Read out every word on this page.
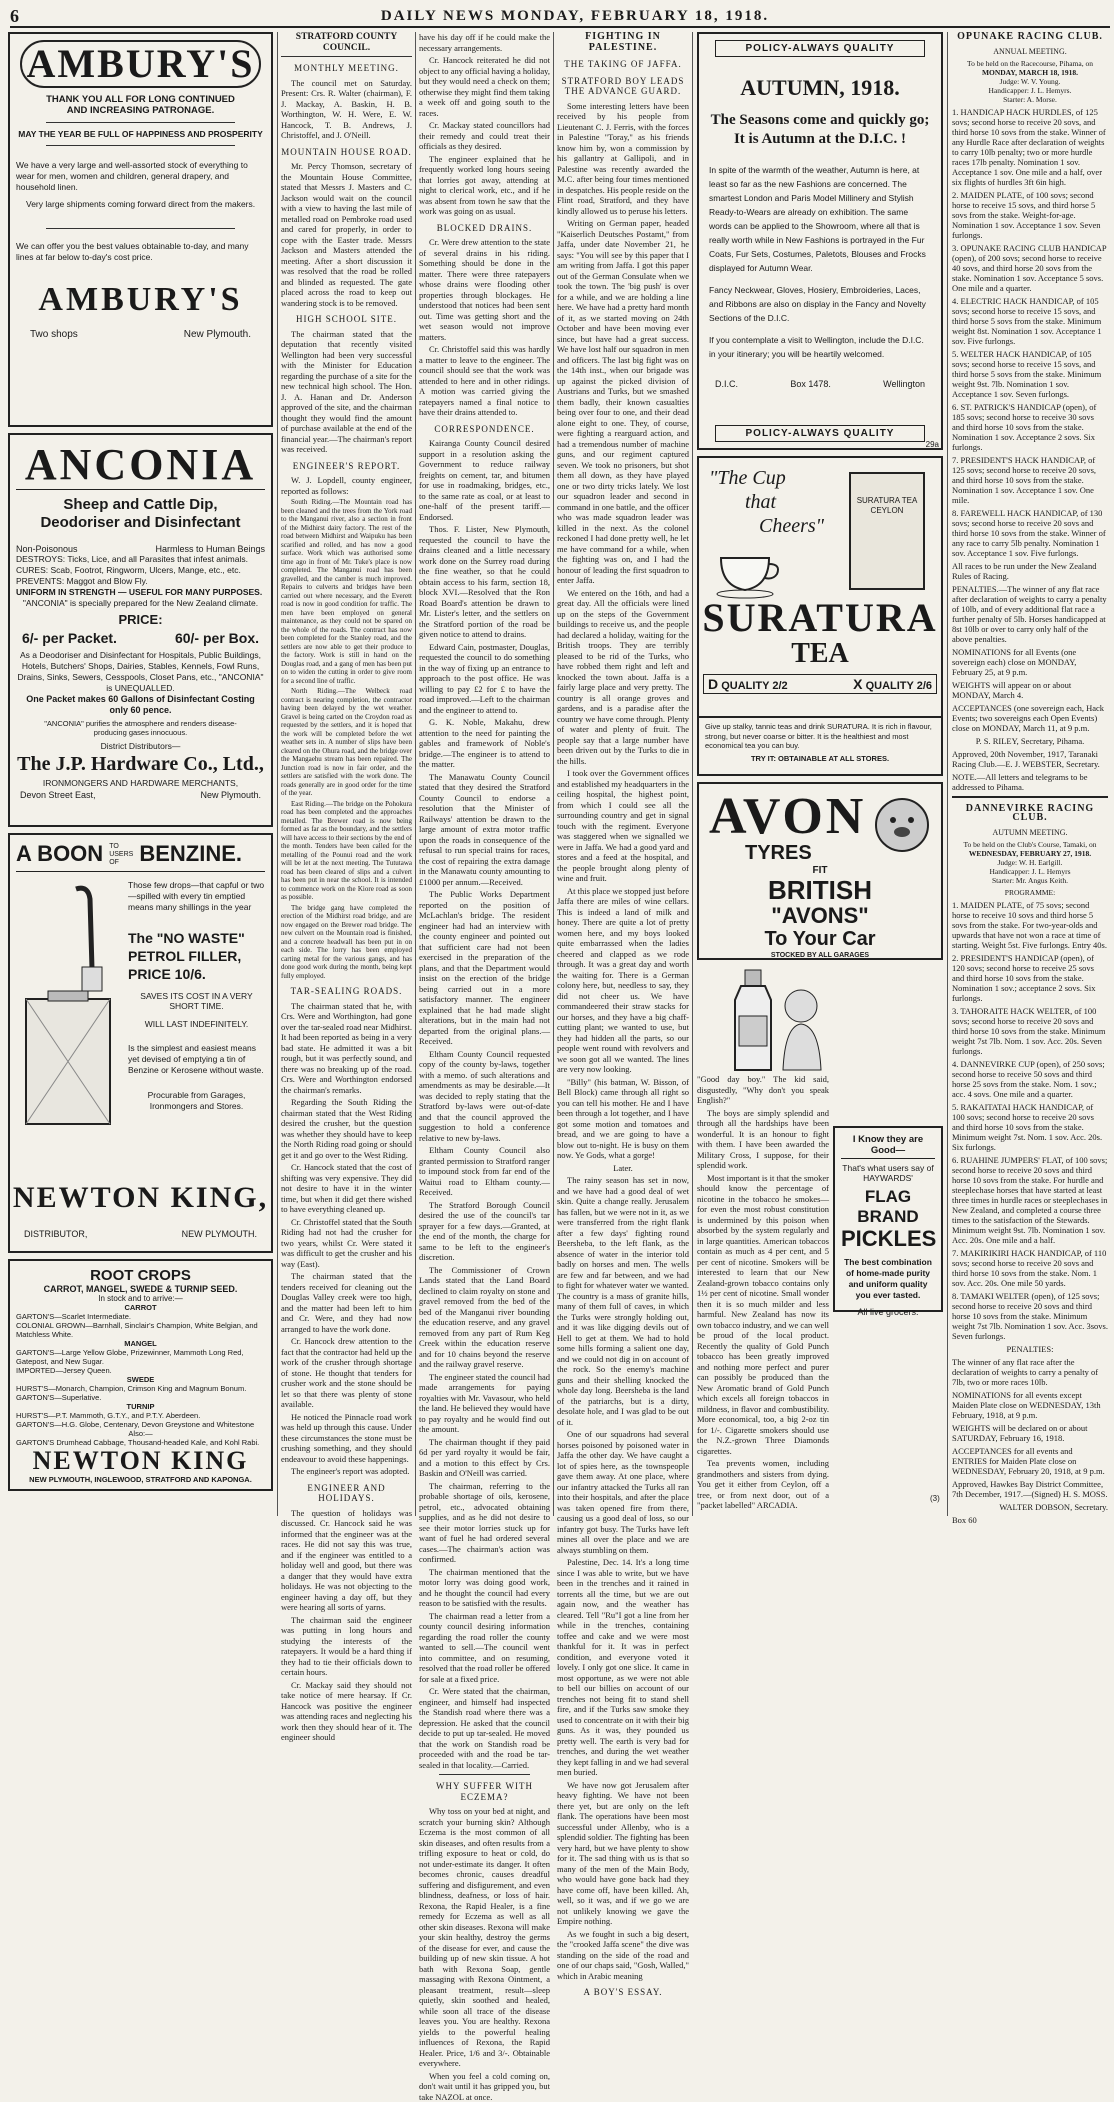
6	DAILY NEWS MONDAY, FEBRUARY 18, 1918.
AMBURY'S
THANK YOU ALL FOR LONG CONTINUED AND INCREASING PATRONAGE.
MAY THE YEAR BE FULL OF HAPPINESS AND PROSPERITY
We have a very large and well-assorted stock of everything to wear for men, women and children, general drapery, and household linen.
Very large shipments coming forward direct from the makers.
We can offer you the best values obtainable to-day, and many lines at far below to-day's cost price.
AMBURY'S
Two shops	New Plymouth.
ANCONIA
Sheep and Cattle Dip, Deodoriser and Disinfectant
Non-Poisonous	Harmless to Human Beings
DESTROYS: Ticks, Lice, and all Parasites that infest animals.
CURES: Scab, Footrot, Ringworm, Ulcers, Mange, etc., etc.
PREVENTS: Maggot and Blow Fly.
UNIFORM IN STRENGTH — USEFUL FOR MANY PURPOSES.
"ANCONIA" is specially prepared for the New Zealand climate.
PRICE:
6/- per Packet.	60/- per Box.
As a Deodoriser and Disinfectant for Hospitals, Public Buildings, Hotels, Butchers' Shops, Dairies, Stables, Kennels, Fowl Runs, Drains, Sinks, Sewers, Cesspools, Closet Pans, etc., "ANCONIA" is UNEQUALLED.
One Packet makes 60 Gallons of Disinfectant Costing only 60 pence.
"ANCONIA" purifies the atmosphere and renders disease-producing gases innocuous.
District Distributors—
The J.P. Hardware Co., Ltd.,
IRONMONGERS AND HARDWARE MERCHANTS,
Devon Street East,	New Plymouth.
A BOON TO
USERS
OF BENZINE.
Those few drops—that capful or two—spilled with every tin emptied means many shillings in the year
The "NO WASTE" PETROL FILLER, PRICE 10/6.
SAVES ITS COST IN A VERY SHORT TIME.
WILL LAST INDEFINITELY.
Is the simplest and easiest means yet devised of emptying a tin of Benzine or Kerosene without waste.
Procurable from Garages, Ironmongers and Stores.
NEWTON KING,
DISTRIBUTOR,	NEW PLYMOUTH.
ROOT CROPS
CARROT, MANGEL, SWEDE & TURNIP SEED.
In stock and to arrive:—
CARROT
GARTON'S—Scarlet Intermediate.
COLONIAL GROWN—Barnhall, Sinclair's Champion, White Belgian, and Matchless White.
MANGEL
GARTON'S—Large Yellow Globe, Prizewinner, Mammoth Long Red, Gatepost, and New Sugar.
IMPORTED—Jersey Queen.
SWEDE
HURST'S—Monarch, Champion, Crimson King and Magnum Bonum.
GARTON'S—Superlative.
TURNIP
HURST'S—P.T. Mammoth, G.T.Y., and P.T.Y. Aberdeen.
GARTON'S—H.G. Globe, Centenary, Devon Greystone and Whitestone
Also:—
GARTON'S Drumhead Cabbage, Thousand-headed Kale, and Kohl Rabi.
NEWTON KING
NEW PLYMOUTH, INGLEWOOD, STRATFORD AND KAPONGA.
STRATFORD COUNTY COUNCIL.
MONTHLY MEETING.

The council met on Saturday. Present: Crs. R. Walter (chairman), F. J. Mackay, A. Baskin, H. B. Worthington, W. H. Were, E. W. Hancock, T. B. Andrews, J. Christoffel, and J. O'Neill.

MOUNTAIN HOUSE ROAD.

Mr. Percy Thomson, secretary of the Mountain House Committee, stated that Messrs J. Masters and C. Jackson would wait on the council with a view to having the last mile of metalled road on Pembroke road used and cared for properly, in order to cope with the Easter trade. Messrs Jackson and Masters attended the meeting. After a short discussion it was resolved that the road be rolled and blinded as requested. The gate placed across the road to keep out wandering stock is to be removed.

HIGH SCHOOL SITE.

The chairman stated that the deputation that recently visited Wellington had been very successful with the Minister for Education regarding the purchase of a site for the new technical high school. The Hon. J. A. Hanan and Dr. Anderson approved of the site, and the chairman thought they would find the amount of purchase available at the end of the financial year.—The chairman's report was received.

ENGINEER'S REPORT.

W. J. Lopdell, county engineer, reported as follows:

South Riding.—The Mountain road has been cleaned and the trees from the York road to the Manganui river, also a section in front of the Midhirst dairy factory. The rest of the road between Midhirst and Waipuku has been scarified and rolled, and has now a good surface. Work which was authorised some time ago in front of Mr. Tuke's place is now completed. The Manganui road has been gravelled, and the camber is much improved. Repairs to culverts and bridges have been carried out where necessary, and the Everett road is now in good condition for traffic. The men have been employed on general maintenance, as they could not be spared on the whole of the roads. The contract has now been completed for the Stanley road, and the settlers are now able to get their produce to the factory. Work is still in hand on the Douglas road, and a gang of men has been put on to widen the cutting in order to give room for a second line of traffic.

North Riding.—The Welbeck road contract is nearing completion, the contractor having been delayed by the wet weather. Gravel is being carted on the Croydon road as requested by the settlers, and it is hoped that the work will be completed before the wet weather sets in. A number of slips have been cleared on the Ohura road, and the bridge over the Mangaehu stream has been repaired. The Junction road is now in fair order, and the settlers are satisfied with the work done. The roads generally are in good order for the time of the year.

East Riding.—The bridge on the Pohokura road has been completed and the approaches metalled. The Brewer road is now being formed as far as the boundary, and the settlers will have access to their sections by the end of the month. Tenders have been called for the metalling of the Pounui road and the work will be let at the next meeting. The Tututawa road has been cleared of slips and a culvert has been put in near the school. It is intended to commence work on the Kiore road as soon as possible.

The bridge gang have completed the erection of the Midhirst road bridge, and are now engaged on the Brewer road bridge. The new culvert on the Mountain road is finished, and a concrete headwall has been put in on each side. The lorry has been employed carting metal for the various gangs, and has done good work during the month, being kept fully employed.

TAR-SEALING ROADS.

The chairman stated that he, with Crs. Were and Worthington, had gone over the tar-sealed road near Midhirst. It had been reported as being in a very bad state. He admitted it was a bit rough, but it was perfectly sound, and there was no breaking up of the road. Crs. Were and Worthington endorsed the chairman's remarks.

Regarding the South Riding the chairman stated that the West Riding desired the crusher, but the question was whether they should have to keep the North Riding road going or should get it and go over to the West Riding.

Cr. Hancock stated that the cost of shifting was very expensive. They did not desire to have it in the winter time, but when it did get there wished to have everything cleaned up.

Cr. Christoffel stated that the South Riding had not had the crusher for two years, whilst Cr. Were stated it was difficult to get the crusher and his way (East).

The chairman stated that the tenders received for cleaning out the Douglas Valley creek were too high, and the matter had been left to him and Cr. Were, and they had now arranged to have the work done.

Cr. Hancock drew attention to the fact that the contractor had held up the work of the crusher through shortage of stone. He thought that tenders for crusher work and the stone should be let so that there was plenty of stone available.

He noticed the Pinnacle road work was held up through this cause. Under these circumstances the stone must be crushing something, and they should endeavour to avoid these happenings.

The engineer's report was adopted.

ENGINEER AND HOLIDAYS.

The question of holidays was discussed. Cr. Hancock said he was informed that the engineer was at the races. He did not say this was true, and if the engineer was entitled to a holiday well and good, but there was a danger that they would have extra holidays. He was not objecting to the engineer having a day off, but they were hearing all sorts of yarns.

The chairman said the engineer was putting in long hours and studying the interests of the ratepayers. It would be a hard thing if they had to tie their officials down to certain hours.

Cr. Mackay said they should not take notice of mere hearsay. If Cr. Hancock was positive the engineer was attending races and neglecting his work then they should hear of it. The engineer should

have his day off if he could make the necessary arrangements.

Cr. Hancock reiterated he did not object to any official having a holiday, but they would need a check on them; otherwise they might find them taking a week off and going south to the races.

Cr. Mackay stated councillors had their remedy and could treat their officials as they desired.

The engineer explained that he frequently worked long hours seeing that lorries got away, attending at night to clerical work, etc., and if he was absent from town he saw that the work was going on as usual.

BLOCKED DRAINS.

Cr. Were drew attention to the state of several drains in his riding. Something should be done in the matter. There were three ratepayers whose drains were flooding other properties through blockages. He understood that notices had been sent out. Time was getting short and the wet season would not improve matters.

Cr. Christoffel said this was hardly a matter to leave to the engineer. The council should see that the work was attended to here and in other ridings. A motion was carried giving the ratepayers named a final notice to have their drains attended to.

CORRESPONDENCE.

Kairanga County Council desired support in a resolution asking the Government to reduce railway freights on cement, tar, and bitumen for use in roadmaking, bridges, etc., to the same rate as coal, or at least to one-half of the present tariff.—Endorsed.

Thos. F. Lister, New Plymouth, requested the council to have the drains cleaned and a little necessary work done on the Surrey road during the fine weather, so that he could obtain access to his farm, section 18, block XVI.—Resolved that the Ron Road Board's attention be drawn to Mr. Lister's letter, and the settlers on the Stratford portion of the road be given notice to attend to drains.

Edward Cain, postmaster, Douglas, requested the council to do something in the way of fixing up an entrance to approach to the post office. He was willing to pay £2 for £ to have the road improved.—Left to the chairman and the engineer to attend to.

G. K. Noble, Makahu, drew attention to the need for painting the gables and framework of Noble's bridge.—The engineer is to attend to the matter.

The Manawatu County Council stated that they desired the Stratford County Council to endorse a resolution that the Minister of Railways' attention be drawn to the large amount of extra motor traffic upon the roads in consequence of the refusal to run special trains for races, the cost of repairing the extra damage in the Manawatu county amounting to £1000 per annum.—Received.

The Public Works Department reported on the position of McLachlan's bridge. The resident engineer had had an interview with the county engineer and pointed out that sufficient care had not been exercised in the preparation of the plans, and that the Department would insist on the erection of the bridge being carried out in a more satisfactory manner. The engineer explained that he had made slight alterations, but in the main had not departed from the original plans.—Received.

Eltham County Council requested copy of the county by-laws, together with a memo. of such alterations and amendments as may be desirable.—It was decided to reply stating that the Stratford by-laws were out-of-date and that the council approved the suggestion to hold a conference relative to new by-laws.

Eltham County Council also granted permission to Stratford ranger to impound stock from far end of the Waitui road to Eltham county.—Received.

The Stratford Borough Council desired the use of the council's tar sprayer for a few days.—Granted, at the end of the month, the charge for same to be left to the engineer's discretion.

The Commissioner of Crown Lands stated that the Land Board declined to claim royalty on stone and gravel removed from the bed of the bed of the Manganui river bounding the education reserve, and any gravel removed from any part of Rum Keg Creek within the education reserve and for 10 chains beyond the reserve and the railway gravel reserve.

The engineer stated the council had made arrangements for paying royalties with Mr. Vavasour, who held the land. He believed they would have to pay royalty and he would find out the amount.

The chairman thought if they paid 6d per yard royalty it would be fair, and a motion to this effect by Crs. Baskin and O'Neill was carried.

The chairman, referring to the probable shortage of oils, kerosene, petrol, etc., advocated obtaining supplies, and as he did not desire to see their motor lorries stuck up for want of fuel he had ordered several cases.—The chairman's action was confirmed.

The chairman mentioned that the motor lorry was doing good work, and he thought the council had every reason to be satisfied with the results.

The chairman read a letter from a county council desiring information regarding the road roller the county wanted to sell.—The council went into committee, and on resuming, resolved that the road roller be offered for sale at a fixed price.

Cr. Were stated that the chairman, engineer, and himself had inspected the Standish road where there was a depression. He asked that the council decide to put up tar-sealed. He moved that the work on Standish road be proceeded with and the road be tar-sealed in that locality.—Carried.

WHY SUFFER WITH ECZEMA?

Why toss on your bed at night, and scratch your burning skin? Although Eczema is the most common of all skin diseases, and often results from a trifling exposure to heat or cold, do not under-estimate its danger. It often becomes chronic, causes dreadful suffering and disfigurement, and even blindness, deafness, or loss of hair. Rexona, the Rapid Healer, is a fine remedy for Eczema as well as all other skin diseases. Rexona will make your skin healthy, destroy the germs of the disease for ever, and cause the building up of new skin tissue. A hot bath with Rexona Soap, gentle massaging with Rexona Ointment, a pleasant treatment, result—sleep quietly, skin soothed and healed, while soon all trace of the disease leaves you. You are healthy. Rexona yields to the powerful healing influences of Rexona, the Rapid Healer. Price, 1/6 and 3/-. Obtainable everywhere.

When you feel a cold coming on, don't wait until it has gripped you, but take NAZOL at once.

FIGHTING IN PALESTINE.
THE TAKING OF JAFFA.
STRATFORD BOY LEADS THE ADVANCE GUARD.

Some interesting letters have been received by his people from Lieutenant C. J. Ferris, with the forces in Palestine "Toray," as his friends know him by, won a commission by his gallantry at Gallipoli, and in Palestine was recently awarded the M.C. after being four times mentioned in despatches. His people reside on the Flint road, Stratford, and they have kindly allowed us to peruse his letters.

Writing on German paper, headed "Kaiserlich Deutsches Postamt," from Jaffa, under date November 21, he says: "You will see by this paper that I am writing from Jaffa. I got this paper out of the German Consulate when we took the town. The 'big push' is over for a while, and we are holding a line here. We have had a pretty hard month of it, as we started moving on 24th October and have been moving ever since, but have had a great success. We have lost half our squadron in men and officers. The last big fight was on the 14th inst., when our brigade was up against the picked division of Austrians and Turks, but we smashed them badly, their known casualties being over four to one, and their dead alone eight to one. They, of course, were fighting a rearguard action, and had a tremendous number of machine guns, and our regiment captured seven. We took no prisoners, but shot them all down, as they have played one or two dirty tricks lately. We lost our squadron leader and second in command in one battle, and the officer who was made squadron leader was killed in the next. As the colonel reckoned I had done pretty well, he let me have command for a while, when the fighting was on, and I had the honour of leading the first squadron to enter Jaffa.

We entered on the 16th, and had a great day. All the officials were lined up on the steps of the Government buildings to receive us, and the people had declared a holiday, waiting for the British troops. They are terribly pleased to be rid of the Turks, who have robbed them right and left and knocked the town about. Jaffa is a fairly large place and very pretty. The country is all orange groves and gardens, and is a paradise after the country we have come through. Plenty of water and plenty of fruit. The people say that a large number have been driven out by the Turks to die in the hills.

I took over the Government offices and established my headquarters in the ceiling hospital, the highest point, from which I could see all the surrounding country and get in signal touch with the regiment. Everyone was staggered when we signalled we were in Jaffa. We had a good yard and stores and a feed at the hospital, and the people brought along plenty of wine and fruit.

At this place we stopped just before Jaffa there are miles of wine cellars. This is indeed a land of milk and honey. There are quite a lot of pretty women here, and my boys looked quite embarrassed when the ladies cheered and clapped as we rode through. It was a great day and worth the waiting for. There is a German colony here, but, needless to say, they did not cheer us. We have commandeered their straw stacks for our horses, and they have a big chaff-cutting plant; we wanted to use, but they had hidden all the parts, so our people went round with revolvers and we soon got all we wanted. The lines are very now looking.

"Billy" (his batman, W. Bisson, of Bell Block) came through all right so you can tell his mother. He and I have been through a lot together, and I have got some motion and tomatoes and bread, and we are going to have a blow out to-night. He is busy on them now. Ye Gods, what a gorge!

Later.

The rainy season has set in now, and we have had a good deal of wet skin. Quite a change really. Jerusalem has fallen, but we were not in it, as we were transferred from the right flank after a few days' fighting round Beersheba, to the left flank, as the absence of water in the interior told badly on horses and men. The wells are few and far between, and we had to fight for whatever water we wanted. The country is a mass of granite hills, many of them full of caves, in which the Turks were strongly holding out, and it was like digging devils out of Hell to get at them. We had to hold some hills forming a salient one day, and we could not dig in on account of the rock. So the enemy's machine guns and their shelling knocked the whole day long. Beersheba is the land of the patriarchs, but is a dirty, desolate hole, and I was glad to be out of it.

One of our squadrons had several horses poisoned by poisoned water in Jaffa the other day. We have caught a lot of spies here, as the townspeople gave them away. At one place, where our infantry attacked the Turks all ran into their hospitals, and after the place was taken opened fire from there, causing us a good deal of loss, so our infantry got busy. The Turks have left mines all over the place and we are always stumbling on them.

Palestine, Dec. 14. It's a long time since I was able to write, but we have been in the trenches and it rained in torrents all the time, but we are out again now, and the weather has cleared. Tell "Ru"I got a line from her while in the trenches, containing toffee and cake and we were most thankful for it. It was in perfect condition, and everyone voted it lovely. I only got one slice. It came in most opportune, as we were not able to bell our billies on account of our trenches not being fit to stand shell fire, and if the Turks saw smoke they used to concentrate on it with their big guns. As it was, they pounded us pretty well. The earth is very bad for trenches, and during the wet weather they kept falling in and we had several men buried.

We have now got Jerusalem after heavy fighting. We have not been there yet, but are only on the left flank. The operations have been most successful under Allenby, who is a splendid soldier. The fighting has been very hard, but we have plenty to show for it. The sad thing with us is that so many of the men of the Main Body, who would have gone back had they have come off, have been killed. Ah, well, so it was, and if we go we are not unlikely knowing we gave the Empire nothing.

As we fought in such a big desert, the "crooked Jaffa scene" the dive was standing on the side of the road and one of our chaps said, "Gosh, Walled," which in Arabic meaning

A BOY'S ESSAY.
POLICY-ALWAYS QUALITY
AUTUMN, 1918.
The Seasons come and quickly go; It is Autumn at the D.I.C. !
In spite of the warmth of the weather, Autumn is here, at least so far as the new Fashions are concerned. The smartest London and Paris Model Millinery and Stylish Ready-to-Wears are already on exhibition. The same words can be applied to the Showroom, where all that is really worth while in New Fashions is portrayed in the Fur Coats, Fur Sets, Costumes, Paletots, Blouses and Frocks displayed for Autumn Wear.
Fancy Neckwear, Gloves, Hosiery, Embroideries, Laces, and Ribbons are also on display in the Fancy and Novelty Sections of the D.I.C.
If you contemplate a visit to Wellington, include the D.I.C. in your itinerary; you will be heartily welcomed.
D.I.C.	Box 1478.	Wellington
POLICY-ALWAYS QUALITY
29a
"The Cup
that
Cheers"
SURATURA TEA CEYLON
SURATURA
TEA
D QUALITY 2/2	X QUALITY 2/6
Give up stalky, tannic teas and drink SURATURA. It is rich in flavour, strong, but never coarse or bitter. It is the healthiest and most economical tea you can buy.
TRY IT: OBTAINABLE AT ALL STORES.
AVON
TYRES
FIT
BRITISH
"AVONS"
To Your Car
STOCKED BY ALL GARAGES

"Good day boy." The kid said, disgustedly, "Why don't you speak English?"

The boys are simply splendid and through all the hardships have been wonderful. It is an honour to fight with them. I have been awarded the Military Cross, I suppose, for their splendid work.

Most important is it that the smoker should know the percentage of nicotine in the tobacco he smokes—for even the most robust constitution is undermined by this poison when absorbed by the system regularly and in large quantities. American tobaccos contain as much as 4 per cent, and 5 per cent of nicotine. Smokers will be interested to learn that our New Zealand-grown tobacco contains only 1½ per cent of nicotine. Small wonder then it is so much milder and less harmful. New Zealand has now its own tobacco industry, and we can well be proud of the local product. Recently the quality of Gold Punch tobacco has been greatly improved and nothing more perfect and purer can possibly be produced than the New Aromatic brand of Gold Punch which excels all foreign tobaccos in mildness, in flavor and combustibility. More economical, too, a big 2-oz tin for 1/-. Cigarette smokers should use the N.Z.-grown Three Diamonds cigarettes.

Tea prevents women, including grandmothers and sisters from dying. You get it either from Ceylon, off a tree, or from next door, out of a "packet labelled" ARCADIA.

I Know they are Good—
That's what users say of HAYWARDS'
FLAG BRAND
PICKLES
The best combination of home-made purity and uniform quality you ever tasted.
All live grocers.
OPUNAKE RACING CLUB.
ANNUAL MEETING.
To be held on the Racecourse, Pihama, on
MONDAY, MARCH 18, 1918.
Judge: W. V. Young.
Handicapper: J. L. Hemyrs.
Starter: A. Morse.

1. HANDICAP HACK HURDLES, of 125 sovs; second horse to receive 20 sovs, and third horse 10 sovs from the stake. Winner of any Hurdle Race after declaration of weights to carry 10lb penalty; two or more hurdle races 17lb penalty. Nomination 1 sov. Acceptance 1 sov. One mile and a half, over six flights of hurdles 3ft 6in high.

2. MAIDEN PLATE, of 100 sovs; second horse to receive 15 sovs, and third horse 5 sovs from the stake. Weight-for-age. Nomination 1 sov. Acceptance 1 sov. Seven furlongs.

3. OPUNAKE RACING CLUB HANDICAP (open), of 200 sovs; second horse to receive 40 sovs, and third horse 20 sovs from the stake. Nomination 1 sov. Acceptance 5 sovs. One mile and a quarter.

4. ELECTRIC HACK HANDICAP, of 105 sovs; second horse to receive 15 sovs, and third horse 5 sovs from the stake. Minimum weight 8st. Nomination 1 sov. Acceptance 1 sov. Five furlongs.

5. WELTER HACK HANDICAP, of 105 sovs; second horse to receive 15 sovs, and third horse 5 sovs from the stake. Minimum weight 9st. 7lb. Nomination 1 sov. Acceptance 1 sov. Seven furlongs.

6. ST. PATRICK'S HANDICAP (open), of 185 sovs; second horse to receive 30 sovs and third horse 10 sovs from the stake. Nomination 1 sov. Acceptance 2 sovs. Six furlongs.

7. PRESIDENT'S HACK HANDICAP, of 125 sovs; second horse to receive 20 sovs, and third horse 10 sovs from the stake. Nomination 1 sov. Acceptance 1 sov. One mile.

8. FAREWELL HACK HANDICAP, of 130 sovs; second horse to receive 20 sovs and third horse 10 sovs from the stake. Winner of any race to carry 5lb penalty. Nomination 1 sov. Acceptance 1 sov. Five furlongs.

All races to be run under the New Zealand Rules of Racing.

PENALTIES.—The winner of any flat race after declaration of weights to carry a penalty of 10lb, and of every additional flat race a further penalty of 5lb. Horses handicapped at 8st 10lb or over to carry only half of the above penalties.

NOMINATIONS for all Events (one sovereign each) close on MONDAY, February 25, at 9 p.m.

WEIGHTS will appear on or about MONDAY, March 4.

ACCEPTANCES (one sovereign each, Hack Events; two sovereigns each Open Events) close on MONDAY, March 11, at 9 p.m.

P. S. RILEY, Secretary, Pihama.

Approved, 20th November, 1917, Taranaki Racing Club.—E. J. WEBSTER, Secretary.

NOTE.—All letters and telegrams to be addressed to Pihama.

DANNEVIRKE RACING CLUB.
AUTUMN MEETING.
To be held on the Club's Course, Tamaki, on
WEDNESDAY, FEBRUARY 27, 1918.
Judge: W. H. Earlgill.
Handicapper: J. L. Hemyrs
Starter: Mr. Angus Keith.
PROGRAMME:

1. MAIDEN PLATE, of 75 sovs; second horse to receive 10 sovs and third horse 5 sovs from the stake. For two-year-olds and upwards that have not won a race at time of starting. Weight 5st. Five furlongs. Entry 40s.

2. PRESIDENT'S HANDICAP (open), of 120 sovs; second horse to receive 25 sovs and third horse 10 sovs from the stake. Nomination 1 sov.; acceptance 2 sovs. Six furlongs.

3. TAHORAITE HACK WELTER, of 100 sovs; second horse to receive 20 sovs and third horse 10 sovs from the stake. Minimum weight 7st 7lb. Nom. 1 sov. Acc. 20s. Seven furlongs.

4. DANNEVIRKE CUP (open), of 250 sovs; second horse to receive 50 sovs and third horse 25 sovs from the stake. Nom. 1 sov.; acc. 4 sovs. One mile and a quarter.

5. RAKAITATAI HACK HANDICAP, of 100 sovs; second horse to receive 20 sovs and third horse 10 sovs from the stake. Minimum weight 7st. Nom. 1 sov. Acc. 20s. Six furlongs.

6. RUAHINE JUMPERS' FLAT, of 100 sovs; second horse to receive 20 sovs and third horse 10 sovs from the stake. For hurdle and steeplechase horses that have started at least three times in hurdle races or steeplechases in New Zealand, and completed a course three times to the satisfaction of the Stewards. Minimum weight 9st. 7lb. Nomination 1 sov. Acc. 20s. One mile and a half.

7. MAKIRIKIRI HACK HANDICAP, of 110 sovs; second horse to receive 20 sovs and third horse 10 sovs from the stake. Nom. 1 sov. Acc. 20s. One mile 50 yards.

8. TAMAKI WELTER (open), of 125 sovs; second horse to receive 20 sovs and third horse 10 sovs from the stake. Minimum weight 7st 7lb. Nomination 1 sov. Acc. 3sovs. Seven furlongs.

PENALTIES:

The winner of any flat race after the declaration of weights to carry a penalty of 7lb, two or more races 10lb.

NOMINATIONS for all events except Maiden Plate close on WEDNESDAY, 13th February, 1918, at 9 p.m.

WEIGHTS will be declared on or about SATURDAY, February 16, 1918.

ACCEPTANCES for all events and ENTRIES for Maiden Plate close on WEDNESDAY, February 20, 1918, at 9 p.m.

Approved, Hawkes Bay District Committee, 7th December, 1917.—(Signed) H. S. MOSS.

WALTER DOBSON, Secretary.

Box 60

(3)
